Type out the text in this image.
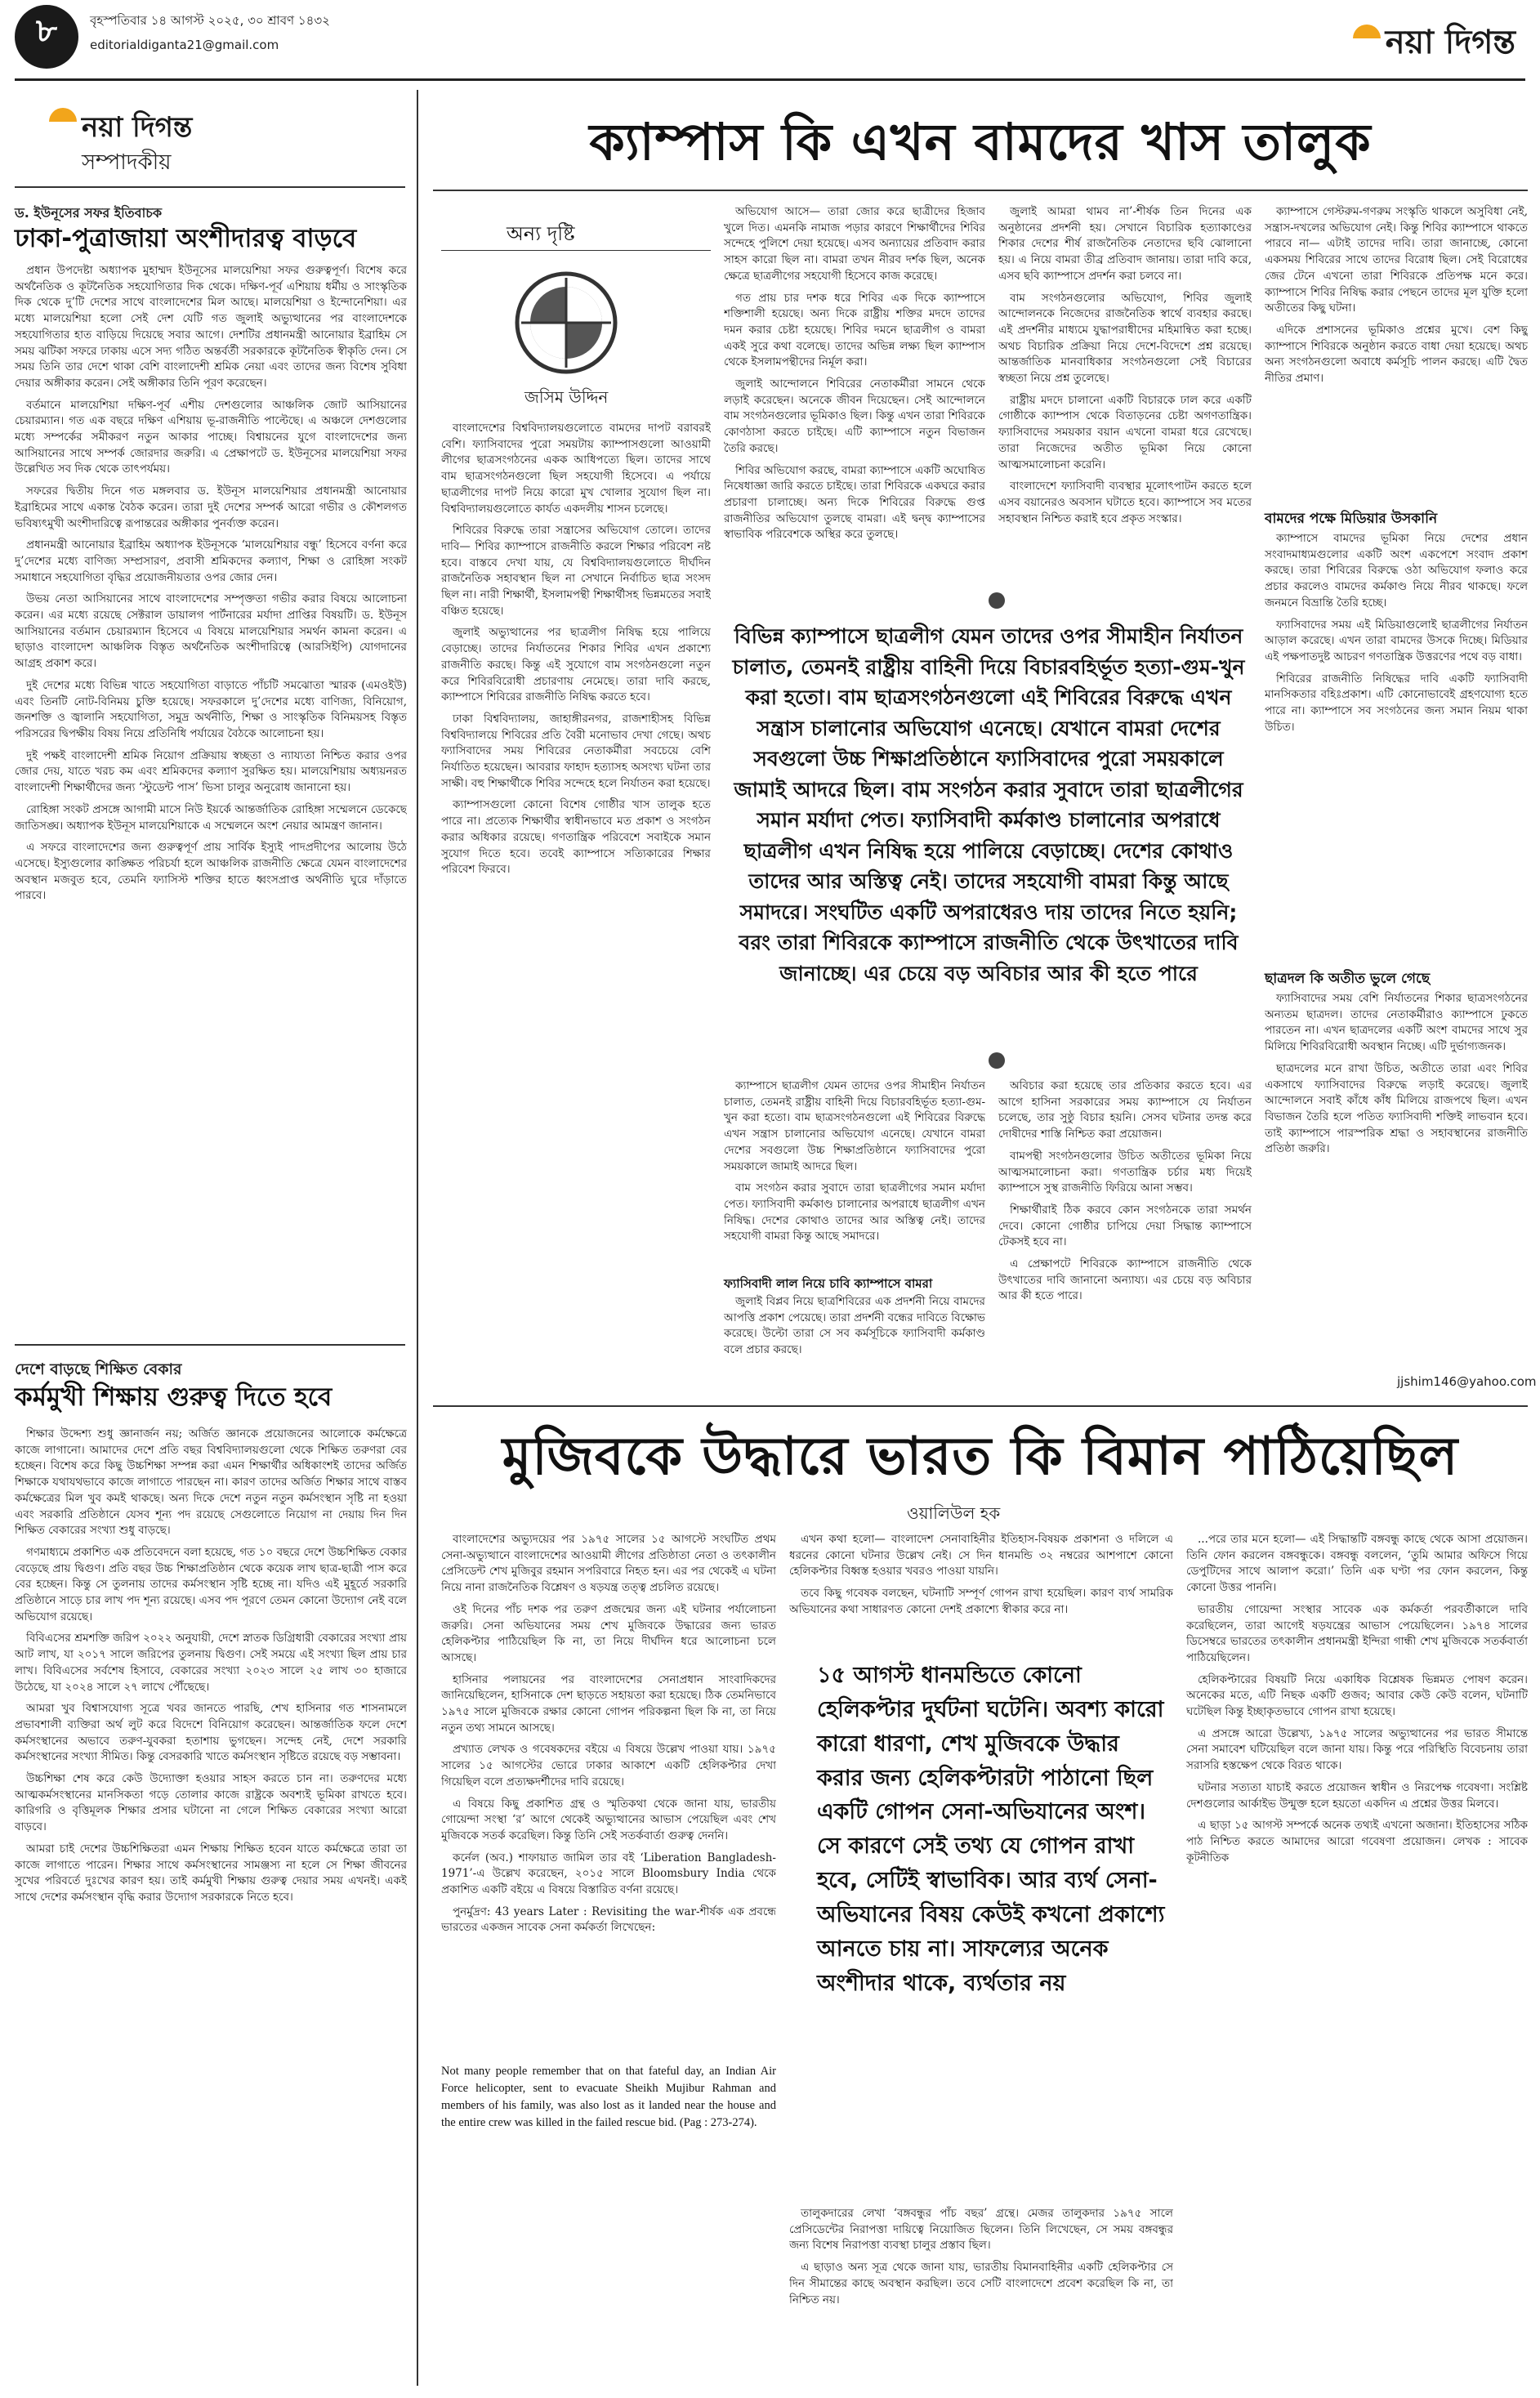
৮	বৃহস্পতিবার ১৪ আগস্ট ২০২৫, ৩০ শ্রাবণ ১৪৩২
editorialdiganta21@gmail.com	নয়া দিগন্ত
নয়া দিগন্ত
সম্পাদকীয়
ড. ইউনূসের সফর ইতিবাচক
ঢাকা-পুত্রাজায়া অংশীদারত্ব বাড়বে

প্রধান উপদেষ্টা অধ্যাপক মুহাম্মদ ইউনূসের মালয়েশিয়া সফর গুরুত্বপূর্ণ। বিশেষ করে অর্থনৈতিক ও কূটনৈতিক সহযোগিতার দিক থেকে। দক্ষিণ-পূর্ব এশিয়ায় ধর্মীয় ও সাংস্কৃতিক দিক থেকে দু’টি দেশের সাথে বাংলাদেশের মিল আছে। মালয়েশিয়া ও ইন্দোনেশিয়া। এর মধ্যে মালয়েশিয়া হলো সেই দেশ যেটি গত জুলাই অভ্যুত্থানের পর বাংলাদেশকে সহযোগিতার হাত বাড়িয়ে দিয়েছে সবার আগে। দেশটির প্রধানমন্ত্রী আনোয়ার ইব্রাহিম সে সময় ঝটিকা সফরে ঢাকায় এসে সদ্য গঠিত অন্তর্বর্তী সরকারকে কূটনৈতিক স্বীকৃতি দেন। সে সময় তিনি তার দেশে থাকা বেশি বাংলাদেশী শ্রমিক নেয়া এবং তাদের জন্য বিশেষ সুবিধা দেয়ার অঙ্গীকার করেন। সেই অঙ্গীকার তিনি পূরণ করেছেন।

বর্তমানে মালয়েশিয়া দক্ষিণ-পূর্ব এশীয় দেশগুলোর আঞ্চলিক জোট আসিয়ানের চেয়ারম্যান। গত এক বছরে দক্ষিণ এশিয়ায় ভূ-রাজনীতি পাল্টেছে। এ অঞ্চলে দেশগুলোর মধ্যে সম্পর্কের সমীকরণ নতুন আকার পাচ্ছে। বিশ্বায়নের যুগে বাংলাদেশের জন্য আসিয়ানের সাথে সম্পর্ক জোরদার জরুরি। এ প্রেক্ষাপটে ড. ইউনূসের মালয়েশিয়া সফর উল্লেখিত সব দিক থেকে তাৎপর্যময়।

সফরের দ্বিতীয় দিনে গত মঙ্গলবার ড. ইউনূস মালয়েশিয়ার প্রধানমন্ত্রী আনোয়ার ইব্রাহিমের সাথে একান্ত বৈঠক করেন। তারা দুই দেশের সম্পর্ক আরো গভীর ও কৌশলগত ভবিষ্যৎমুখী অংশীদারিত্বে রূপান্তরের অঙ্গীকার পুনর্ব্যক্ত করেন।

প্রধানমন্ত্রী আনোয়ার ইব্রাহিম অধ্যাপক ইউনূসকে ‘মালয়েশিয়ার বন্ধু’ হিসেবে বর্ণনা করে দু’দেশের মধ্যে বাণিজ্য সম্প্রসারণ, প্রবাসী শ্রমিকদের কল্যাণ, শিক্ষা ও রোহিঙ্গা সংকট সমাধানে সহযোগিতা বৃদ্ধির প্রয়োজনীয়তার ওপর জোর দেন।

উভয় নেতা আসিয়ানের সাথে বাংলাদেশের সম্পৃক্ততা গভীর করার বিষয়ে আলোচনা করেন। এর মধ্যে রয়েছে সেক্টরাল ডায়ালগ পার্টনারের মর্যাদা প্রাপ্তির বিষয়টি। ড. ইউনূস আসিয়ানের বর্তমান চেয়ারম্যান হিসেবে এ বিষয়ে মালয়েশিয়ার সমর্থন কামনা করেন। এ ছাড়াও বাংলাদেশ আঞ্চলিক বিস্তৃত অর্থনৈতিক অংশীদারিত্বে (আরসিইপি) যোগদানের আগ্রহ প্রকাশ করে।

দুই দেশের মধ্যে বিভিন্ন খাতে সহযোগিতা বাড়াতে পাঁচটি সমঝোতা স্মারক (এমওইউ) এবং তিনটি নোট-বিনিময় চুক্তি হয়েছে। সফরকালে দু’দেশের মধ্যে বাণিজ্য, বিনিয়োগ, জনশক্তি ও জ্বালানি সহযোগিতা, সমুদ্র অর্থনীতি, শিক্ষা ও সাংস্কৃতিক বিনিময়সহ বিস্তৃত পরিসরের দ্বিপক্ষীয় বিষয় নিয়ে প্রতিনিধি পর্যায়ের বৈঠকে আলোচনা হয়।

দুই পক্ষই বাংলাদেশী শ্রমিক নিয়োগ প্রক্রিয়ায় স্বচ্ছতা ও ন্যায্যতা নিশ্চিত করার ওপর জোর দেয়, যাতে খরচ কম এবং শ্রমিকদের কল্যাণ সুরক্ষিত হয়। মালয়েশিয়ায় অধ্যয়নরত বাংলাদেশী শিক্ষার্থীদের জন্য ‘স্টুডেন্ট পাস’ ভিসা চালুর অনুরোধ জানানো হয়।

রোহিঙ্গা সংকট প্রসঙ্গে আগামী মাসে নিউ ইয়র্কে আন্তর্জাতিক রোহিঙ্গা সম্মেলনে ডেকেছে জাতিসঙ্ঘ। অধ্যাপক ইউনূস মালয়েশিয়াকে এ সম্মেলনে অংশ নেয়ার আমন্ত্রণ জানান।

এ সফরে বাংলাদেশের জন্য গুরুত্বপূর্ণ প্রায় সার্বিক ইস্যুই পাদপ্রদীপের আলোয় উঠে এসেছে। ইস্যুগুলোর কাঙ্ক্ষিত পরিচর্যা হলে আঞ্চলিক রাজনীতি ক্ষেত্রে যেমন বাংলাদেশের অবস্থান মজবুত হবে, তেমনি ফ্যাসিস্ট শক্তির হাতে ধ্বংসপ্রাপ্ত অর্থনীতি ঘুরে দাঁড়াতে পারবে।

দেশে বাড়ছে শিক্ষিত বেকার
কর্মমুখী শিক্ষায় গুরুত্ব দিতে হবে

শিক্ষার উদ্দেশ্য শুধু জ্ঞানার্জন নয়; অর্জিত জ্ঞানকে প্রয়োজনের আলোকে কর্মক্ষেত্রে কাজে লাগানো। আমাদের দেশে প্রতি বছর বিশ্ববিদ্যালয়গুলো থেকে শিক্ষিত তরুণরা বের হচ্ছেন। বিশেষ করে কিছু উচ্চশিক্ষা সম্পন্ন করা এমন শিক্ষার্থীর অধিকাংশই তাদের অর্জিত শিক্ষাকে যথাযথভাবে কাজে লাগাতে পারছেন না। কারণ তাদের অর্জিত শিক্ষার সাথে বাস্তব কর্মক্ষেত্রের মিল খুব কমই থাকছে। অন্য দিকে দেশে নতুন নতুন কর্মসংস্থান সৃষ্টি না হওয়া এবং সরকারি প্রতিষ্ঠানে যেসব শূন্য পদ রয়েছে সেগুলোতে নিয়োগ না দেয়ায় দিন দিন শিক্ষিত বেকারের সংখ্যা শুধু বাড়ছে।

গণমাধ্যমে প্রকাশিত এক প্রতিবেদনে বলা হয়েছে, গত ১০ বছরে দেশে উচ্চশিক্ষিত বেকার বেড়েছে প্রায় দ্বিগুণ। প্রতি বছর উচ্চ শিক্ষাপ্রতিষ্ঠান থেকে কয়েক লাখ ছাত্র-ছাত্রী পাস করে বের হচ্ছেন। কিন্তু সে তুলনায় তাদের কর্মসংস্থান সৃষ্টি হচ্ছে না। যদিও এই মুহূর্তে সরকারি প্রতিষ্ঠানে সাড়ে চার লাখ পদ শূন্য রয়েছে। এসব পদ পূরণে তেমন কোনো উদ্যোগ নেই বলে অভিযোগ রয়েছে।

বিবিএসের শ্রমশক্তি জরিপ ২০২২ অনুযায়ী, দেশে স্নাতক ডিগ্রিধারী বেকারের সংখ্যা প্রায় আট লাখ, যা ২০১৭ সালে জরিপের তুলনায় দ্বিগুণ। সেই সময়ে এই সংখ্যা ছিল প্রায় চার লাখ। বিবিএসের সর্বশেষ হিসাবে, বেকারের সংখ্যা ২০২৩ সালে ২৫ লাখ ৩০ হাজারে উঠেছে, যা ২০২৪ সালে ২৭ লাখে পৌঁছেছে।

আমরা খুব বিশ্বাসযোগ্য সূত্রে খবর জানতে পারছি, শেখ হাসিনার গত শাসনামলে প্রভাবশালী ব্যক্তিরা অর্থ লুট করে বিদেশে বিনিয়োগ করেছেন। আন্তর্জাতিক ফলে দেশে কর্মসংস্থানের অভাবে তরুণ-যুবকরা হতাশায় ভুগছেন। সন্দেহ নেই, দেশে সরকারি কর্মসংস্থানের সংখ্যা সীমিত। কিন্তু বেসরকারি খাতে কর্মসংস্থান সৃষ্টিতে রয়েছে বড় সম্ভাবনা।

উচ্চশিক্ষা শেষ করে কেউ উদ্যোক্তা হওয়ার সাহস করতে চান না। তরুণদের মধ্যে আত্মকর্মসংস্থানের মানসিকতা গড়ে তোলার কাজে রাষ্ট্রকে অবশ্যই ভূমিকা রাখতে হবে। কারিগরি ও বৃত্তিমূলক শিক্ষার প্রসার ঘটানো না গেলে শিক্ষিত বেকারের সংখ্যা আরো বাড়বে।

আমরা চাই দেশের উচ্চশিক্ষিতরা এমন শিক্ষায় শিক্ষিত হবেন যাতে কর্মক্ষেত্রে তারা তা কাজে লাগাতে পারেন। শিক্ষার সাথে কর্মসংস্থানের সামঞ্জস্য না হলে সে শিক্ষা জীবনের সুখের পরিবর্তে দুঃখের কারণ হয়। তাই কর্মমুখী শিক্ষায় গুরুত্ব দেয়ার সময় এখনই। একই সাথে দেশের কর্মসংস্থান বৃদ্ধি করার উদ্যোগ সরকারকে নিতে হবে।

ক্যাম্পাস কি এখন বামদের খাস তালুক
অন্য দৃষ্টি
জসিম উদ্দিন

বাংলাদেশের বিশ্ববিদ্যালয়গুলোতে বামদের দাপট বরাবরই বেশি। ফ্যাসিবাদের পুরো সময়টায় ক্যাম্পাসগুলো আওয়ামী লীগের ছাত্রসংগঠনের একক আধিপত্যে ছিল। তাদের সাথে বাম ছাত্রসংগঠনগুলো ছিল সহযোগী হিসেবে। এ পর্যায়ে ছাত্রলীগের দাপট নিয়ে কারো মুখ খোলার সুযোগ ছিল না। বিশ্ববিদ্যালয়গুলোতে কার্যত একদলীয় শাসন চলেছে।

শিবিরের বিরুদ্ধে তারা সন্ত্রাসের অভিযোগ তোলে। তাদের দাবি— শিবির ক্যাম্পাসে রাজনীতি করলে শিক্ষার পরিবেশ নষ্ট হবে। বাস্তবে দেখা যায়, যে বিশ্ববিদ্যালয়গুলোতে দীর্ঘদিন রাজনৈতিক সহাবস্থান ছিল না সেখানে নির্বাচিত ছাত্র সংসদ ছিল না। নারী শিক্ষার্থী, ইসলামপন্থী শিক্ষার্থীসহ ভিন্নমতের সবাই বঞ্চিত হয়েছে।

জুলাই অভ্যুত্থানের পর ছাত্রলীগ নিষিদ্ধ হয়ে পালিয়ে বেড়াচ্ছে। তাদের নির্যাতনের শিকার শিবির এখন প্রকাশ্যে রাজনীতি করছে। কিন্তু এই সুযোগে বাম সংগঠনগুলো নতুন করে শিবিরবিরোধী প্রচারণায় নেমেছে। তারা দাবি করছে, ক্যাম্পাসে শিবিরের রাজনীতি নিষিদ্ধ করতে হবে।

ঢাকা বিশ্ববিদ্যালয়, জাহাঙ্গীরনগর, রাজশাহীসহ বিভিন্ন বিশ্ববিদ্যালয়ে শিবিরের প্রতি বৈরী মনোভাব দেখা গেছে। অথচ ফ্যাসিবাদের সময় শিবিরের নেতাকর্মীরা সবচেয়ে বেশি নির্যাতিত হয়েছেন। আবরার ফাহাদ হত্যাসহ অসংখ্য ঘটনা তার সাক্ষী। বহু শিক্ষার্থীকে শিবির সন্দেহে হলে নির্যাতন করা হয়েছে।

ক্যাম্পাসগুলো কোনো বিশেষ গোষ্ঠীর খাস তালুক হতে পারে না। প্রত্যেক শিক্ষার্থীর স্বাধীনভাবে মত প্রকাশ ও সংগঠন করার অধিকার রয়েছে। গণতান্ত্রিক পরিবেশে সবাইকে সমান সুযোগ দিতে হবে। তবেই ক্যাম্পাসে সত্যিকারের শিক্ষার পরিবেশ ফিরবে।

অভিযোগ আসে— তারা জোর করে ছাত্রীদের হিজাব খুলে দিত। এমনকি নামাজ পড়ার কারণে শিক্ষার্থীদের শিবির সন্দেহে পুলিশে দেয়া হয়েছে। এসব অন্যায়ের প্রতিবাদ করার সাহস কারো ছিল না। বামরা তখন নীরব দর্শক ছিল, অনেক ক্ষেত্রে ছাত্রলীগের সহযোগী হিসেবে কাজ করেছে।

গত প্রায় চার দশক ধরে শিবির এক দিকে ক্যাম্পাসে শক্তিশালী হয়েছে। অন্য দিকে রাষ্ট্রীয় শক্তির মদদে তাদের দমন করার চেষ্টা হয়েছে। শিবির দমনে ছাত্রলীগ ও বামরা একই সুরে কথা বলেছে। তাদের অভিন্ন লক্ষ্য ছিল ক্যাম্পাস থেকে ইসলামপন্থীদের নির্মূল করা।

জুলাই আন্দোলনে শিবিরের নেতাকর্মীরা সামনে থেকে লড়াই করেছেন। অনেকে জীবন দিয়েছেন। সেই আন্দোলনে বাম সংগঠনগুলোর ভূমিকাও ছিল। কিন্তু এখন তারা শিবিরকে কোণঠাসা করতে চাইছে। এটি ক্যাম্পাসে নতুন বিভাজন তৈরি করছে।

শিবির অভিযোগ করছে, বামরা ক্যাম্পাসে একটি অঘোষিত নিষেধাজ্ঞা জারি করতে চাইছে। তারা শিবিরকে একঘরে করার প্রচারণা চালাচ্ছে। অন্য দিকে শিবিরের বিরুদ্ধে গুপ্ত রাজনীতির অভিযোগ তুলছে বামরা। এই দ্বন্দ্ব ক্যাম্পাসের স্বাভাবিক পরিবেশকে অস্থির করে তুলছে।

জুলাই আমরা থামব না’-শীর্ষক তিন দিনের এক অনুষ্ঠানের প্রদর্শনী হয়। সেখানে বিচারিক হত্যাকাণ্ডের শিকার দেশের শীর্ষ রাজনৈতিক নেতাদের ছবি ঝোলানো হয়। এ নিয়ে বামরা তীব্র প্রতিবাদ জানায়। তারা দাবি করে, এসব ছবি ক্যাম্পাসে প্রদর্শন করা চলবে না।

বাম সংগঠনগুলোর অভিযোগ, শিবির জুলাই আন্দোলনকে নিজেদের রাজনৈতিক স্বার্থে ব্যবহার করছে। এই প্রদর্শনীর মাধ্যমে যুদ্ধাপরাধীদের মহিমান্বিত করা হচ্ছে। অথচ বিচারিক প্রক্রিয়া নিয়ে দেশে-বিদেশে প্রশ্ন রয়েছে। আন্তর্জাতিক মানবাধিকার সংগঠনগুলো সেই বিচারের স্বচ্ছতা নিয়ে প্রশ্ন তুলেছে।

রাষ্ট্রীয় মদদে চালানো একটি বিচারকে ঢাল করে একটি গোষ্ঠীকে ক্যাম্পাস থেকে বিতাড়নের চেষ্টা অগণতান্ত্রিক। ফ্যাসিবাদের সময়কার বয়ান এখনো বামরা ধরে রেখেছে। তারা নিজেদের অতীত ভূমিকা নিয়ে কোনো আত্মসমালোচনা করেনি।

বাংলাদেশে ফ্যাসিবাদী ব্যবস্থার মূলোৎপাটন করতে হলে এসব বয়ানেরও অবসান ঘটাতে হবে। ক্যাম্পাসে সব মতের সহাবস্থান নিশ্চিত করাই হবে প্রকৃত সংস্কার।

বিভিন্ন ক্যাম্পাসে ছাত্রলীগ যেমন তাদের ওপর সীমাহীন নির্যাতন চালাত, তেমনই রাষ্ট্রীয় বাহিনী দিয়ে বিচারবহির্ভূত হত্যা-গুম-খুন করা হতো। বাম ছাত্রসংগঠনগুলো এই শিবিরের বিরুদ্ধে এখন সন্ত্রাস চালানোর অভিযোগ এনেছে। যেখানে বামরা দেশের সবগুলো উচ্চ শিক্ষাপ্রতিষ্ঠানে ফ্যাসিবাদের পুরো সময়কালে জামাই আদরে ছিল। বাম সংগঠন করার সুবাদে তারা ছাত্রলীগের সমান মর্যাদা পেত। ফ্যাসিবাদী কর্মকাণ্ড চালানোর অপরাধে ছাত্রলীগ এখন নিষিদ্ধ হয়ে পালিয়ে বেড়াচ্ছে। দেশের কোথাও তাদের আর অস্তিত্ব নেই। তাদের সহযোগী বামরা কিন্তু আছে সমাদরে। সংঘটিত একটি অপরাধেরও দায় তাদের নিতে হয়নি; বরং তারা শিবিরকে ক্যাম্পাসে রাজনীতি থেকে উৎখাতের দাবি জানাচ্ছে। এর চেয়ে বড় অবিচার আর কী হতে পারে

ক্যাম্পাসে ছাত্রলীগ যেমন তাদের ওপর সীমাহীন নির্যাতন চালাত, তেমনই রাষ্ট্রীয় বাহিনী দিয়ে বিচারবহির্ভূত হত্যা-গুম-খুন করা হতো। বাম ছাত্রসংগঠনগুলো এই শিবিরের বিরুদ্ধে এখন সন্ত্রাস চালানোর অভিযোগ এনেছে। যেখানে বামরা দেশের সবগুলো উচ্চ শিক্ষাপ্রতিষ্ঠানে ফ্যাসিবাদের পুরো সময়কালে জামাই আদরে ছিল।

বাম সংগঠন করার সুবাদে তারা ছাত্রলীগের সমান মর্যাদা পেত। ফ্যাসিবাদী কর্মকাণ্ড চালানোর অপরাধে ছাত্রলীগ এখন নিষিদ্ধ। দেশের কোথাও তাদের আর অস্তিত্ব নেই। তাদের সহযোগী বামরা কিন্তু আছে সমাদরে।

ফ্যাসিবাদী লাল নিয়ে চাবি ক্যাম্পাসে বামরা

জুলাই বিপ্লব নিয়ে ছাত্রশিবিরের এক প্রদর্শনী নিয়ে বামদের আপত্তি প্রকাশ পেয়েছে। তারা প্রদর্শনী বন্ধের দাবিতে বিক্ষোভ করেছে। উল্টো তারা সে সব কর্মসূচিকে ফ্যাসিবাদী কর্মকাণ্ড বলে প্রচার করছে।

অবিচার করা হয়েছে তার প্রতিকার করতে হবে। এর আগে হাসিনা সরকারের সময় ক্যাম্পাসে যে নির্যাতন চলেছে, তার সুষ্ঠু বিচার হয়নি। সেসব ঘটনার তদন্ত করে দোষীদের শাস্তি নিশ্চিত করা প্রয়োজন।

বামপন্থী সংগঠনগুলোর উচিত অতীতের ভূমিকা নিয়ে আত্মসমালোচনা করা। গণতান্ত্রিক চর্চার মধ্য দিয়েই ক্যাম্পাসে সুস্থ রাজনীতি ফিরিয়ে আনা সম্ভব।

শিক্ষার্থীরাই ঠিক করবে কোন সংগঠনকে তারা সমর্থন দেবে। কোনো গোষ্ঠীর চাপিয়ে দেয়া সিদ্ধান্ত ক্যাম্পাসে টেকসই হবে না।

এ প্রেক্ষাপটে শিবিরকে ক্যাম্পাসে রাজনীতি থেকে উৎখাতের দাবি জানানো অন্যায্য। এর চেয়ে বড় অবিচার আর কী হতে পারে।

ক্যাম্পাসে গেস্টরুম-গণরুম সংস্কৃতি থাকলে অসুবিধা নেই, সন্ত্রাস-দখলের অভিযোগ নেই। কিন্তু শিবির ক্যাম্পাসে থাকতে পারবে না— এটাই তাদের দাবি। তারা জানাচ্ছে, কোনো একসময় শিবিরের সাথে তাদের বিরোধ ছিল। সেই বিরোধের জের টেনে এখনো তারা শিবিরকে প্রতিপক্ষ মনে করে। ক্যাম্পাসে শিবির নিষিদ্ধ করার পেছনে তাদের মূল যুক্তি হলো অতীতের কিছু ঘটনা।

এদিকে প্রশাসনের ভূমিকাও প্রশ্নের মুখে। বেশ কিছু ক্যাম্পাসে শিবিরকে অনুষ্ঠান করতে বাধা দেয়া হয়েছে। অথচ অন্য সংগঠনগুলো অবাধে কর্মসূচি পালন করছে। এটি দ্বৈত নীতির প্রমাণ।

বামদের পক্ষে মিডিয়ার উসকানি

ক্যাম্পাসে বামদের ভূমিকা নিয়ে দেশের প্রধান সংবাদমাধ্যমগুলোর একটি অংশ একপেশে সংবাদ প্রকাশ করছে। তারা শিবিরের বিরুদ্ধে ওঠা অভিযোগ ফলাও করে প্রচার করলেও বামদের কর্মকাণ্ড নিয়ে নীরব থাকছে। ফলে জনমনে বিভ্রান্তি তৈরি হচ্ছে।

ফ্যাসিবাদের সময় এই মিডিয়াগুলোই ছাত্রলীগের নির্যাতন আড়াল করেছে। এখন তারা বামদের উসকে দিচ্ছে। মিডিয়ার এই পক্ষপাতদুষ্ট আচরণ গণতান্ত্রিক উত্তরণের পথে বড় বাধা।

শিবিরের রাজনীতি নিষিদ্ধের দাবি একটি ফ্যাসিবাদী মানসিকতার বহিঃপ্রকাশ। এটি কোনোভাবেই গ্রহণযোগ্য হতে পারে না। ক্যাম্পাসে সব সংগঠনের জন্য সমান নিয়ম থাকা উচিত।

ছাত্রদল কি অতীত ভুলে গেছে

ফ্যাসিবাদের সময় বেশি নির্যাতনের শিকার ছাত্রসংগঠনের অন্যতম ছাত্রদল। তাদের নেতাকর্মীরাও ক্যাম্পাসে ঢুকতে পারতেন না। এখন ছাত্রদলের একটি অংশ বামদের সাথে সুর মিলিয়ে শিবিরবিরোধী অবস্থান নিচ্ছে। এটি দুর্ভাগ্যজনক।

ছাত্রদলের মনে রাখা উচিত, অতীতে তারা এবং শিবির একসাথে ফ্যাসিবাদের বিরুদ্ধে লড়াই করেছে। জুলাই আন্দোলনে সবাই কাঁধে কাঁধ মিলিয়ে রাজপথে ছিল। এখন বিভাজন তৈরি হলে পতিত ফ্যাসিবাদী শক্তিই লাভবান হবে। তাই ক্যাম্পাসে পারস্পরিক শ্রদ্ধা ও সহাবস্থানের রাজনীতি প্রতিষ্ঠা জরুরি।

jjshim146@yahoo.com
মুজিবকে উদ্ধারে ভারত কি বিমান পাঠিয়েছিল
ওয়ালিউল হক

বাংলাদেশের অভ্যুদয়ের পর ১৯৭৫ সালের ১৫ আগস্টে সংঘটিত প্রথম সেনা-অভ্যুত্থানে বাংলাদেশের আওয়ামী লীগের প্রতিষ্ঠাতা নেতা ও তৎকালীন প্রেসিডেন্ট শেখ মুজিবুর রহমান সপরিবারে নিহত হন। এর পর থেকেই এ ঘটনা নিয়ে নানা রাজনৈতিক বিশ্লেষণ ও ষড়যন্ত্র তত্ত্ব প্রচলিত রয়েছে।

ওই দিনের পাঁচ দশক পর তরুণ প্রজন্মের জন্য এই ঘটনার পর্যালোচনা জরুরি। সেনা অভিযানের সময় শেখ মুজিবকে উদ্ধারের জন্য ভারত হেলিকপ্টার পাঠিয়েছিল কি না, তা নিয়ে দীর্ঘদিন ধরে আলোচনা চলে আসছে।

হাসিনার পলায়নের পর বাংলাদেশের সেনাপ্রধান সাংবাদিকদের জানিয়েছিলেন, হাসিনাকে দেশ ছাড়তে সহায়তা করা হয়েছে। ঠিক তেমনিভাবে ১৯৭৫ সালে মুজিবকে রক্ষার কোনো গোপন পরিকল্পনা ছিল কি না, তা নিয়ে নতুন তথ্য সামনে আসছে।

প্রখ্যাত লেখক ও গবেষকদের বইয়ে এ বিষয়ে উল্লেখ পাওয়া যায়। ১৯৭৫ সালের ১৫ আগস্টের ভোরে ঢাকার আকাশে একটি হেলিকপ্টার দেখা গিয়েছিল বলে প্রত্যক্ষদর্শীদের দাবি রয়েছে।

এ বিষয়ে কিছু প্রকাশিত গ্রন্থ ও স্মৃতিকথা থেকে জানা যায়, ভারতীয় গোয়েন্দা সংস্থা ‘র’ আগে থেকেই অভ্যুত্থানের আভাস পেয়েছিল এবং শেখ মুজিবকে সতর্ক করেছিল। কিন্তু তিনি সেই সতর্কবার্তা গুরুত্ব দেননি।

কর্নেল (অব.) শাফায়াত জামিল তার বই ‘Liberation Bangladesh-1971’-এ উল্লেখ করেছেন, ২০১৫ সালে Bloomsbury India থেকে প্রকাশিত একটি বইয়ে এ বিষয়ে বিস্তারিত বর্ণনা রয়েছে।

পুনর্মুদ্রণ: 43 years Later : Revisiting the war-শীর্ষক এক প্রবন্ধে ভারতের একজন সাবেক সেনা কর্মকর্তা লিখেছেন:

Not many people remember that on that fateful day, an Indian Air Force helicopter, sent to evacuate Sheikh Mujibur Rahman and members of his family, was also lost as it landed near the house and the entire crew was killed in the failed rescue bid. (Pag : 273-274).

এখন কথা হলো— বাংলাদেশ সেনাবাহিনীর ইতিহাস-বিষয়ক প্রকাশনা ও দলিলে এ ধরনের কোনো ঘটনার উল্লেখ নেই। সে দিন ধানমন্ডি ৩২ নম্বরের আশপাশে কোনো হেলিকপ্টার বিধ্বস্ত হওয়ার খবরও পাওয়া যায়নি।

তবে কিছু গবেষক বলছেন, ঘটনাটি সম্পূর্ণ গোপন রাখা হয়েছিল। কারণ ব্যর্থ সামরিক অভিযানের কথা সাধারণত কোনো দেশই প্রকাশ্যে স্বীকার করে না।

১৫ আগস্ট ধানমন্ডিতে কোনো হেলিকপ্টার দুর্ঘটনা ঘটেনি। অবশ্য কারো কারো ধারণা, শেখ মুজিবকে উদ্ধার করার জন্য হেলিকপ্টারটা পাঠানো ছিল একটি গোপন সেনা-অভিযানের অংশ। সে কারণে সেই তথ্য যে গোপন রাখা হবে, সেটিই স্বাভাবিক। আর ব্যর্থ সেনা-অভিযানের বিষয় কেউই কখনো প্রকাশ্যে আনতে চায় না। সাফল্যের অনেক অংশীদার থাকে, ব্যর্থতার নয়

তালুকদারের লেখা ‘বঙ্গবন্ধুর পাঁচ বছর’ গ্রন্থে। মেজর তালুকদার ১৯৭৫ সালে প্রেসিডেন্টের নিরাপত্তা দায়িত্বে নিয়োজিত ছিলেন। তিনি লিখেছেন, সে সময় বঙ্গবন্ধুর জন্য বিশেষ নিরাপত্তা ব্যবস্থা চালুর প্রস্তাব ছিল।

এ ছাড়াও অন্য সূত্র থেকে জানা যায়, ভারতীয় বিমানবাহিনীর একটি হেলিকপ্টার সে দিন সীমান্তের কাছে অবস্থান করছিল। তবে সেটি বাংলাদেশে প্রবেশ করেছিল কি না, তা নিশ্চিত নয়।

...পরে তার মনে হলো— এই সিদ্ধান্তটি বঙ্গবন্ধু কাছে থেকে আসা প্রয়োজন। তিনি ফোন করলেন বঙ্গবন্ধুকে। বঙ্গবন্ধু বললেন, ‘তুমি আমার অফিসে গিয়ে ডেপুটিদের সাথে আলাপ করো।’ তিনি এক ঘণ্টা পর ফোন করলেন, কিন্তু কোনো উত্তর পাননি।

ভারতীয় গোয়েন্দা সংস্থার সাবেক এক কর্মকর্তা পরবর্তীকালে দাবি করেছিলেন, তারা আগেই ষড়যন্ত্রের আভাস পেয়েছিলেন। ১৯৭৪ সালের ডিসেম্বরে ভারতের তৎকালীন প্রধানমন্ত্রী ইন্দিরা গান্ধী শেখ মুজিবকে সতর্কবার্তা পাঠিয়েছিলেন।

হেলিকপ্টারের বিষয়টি নিয়ে একাধিক বিশ্লেষক ভিন্নমত পোষণ করেন। অনেকের মতে, এটি নিছক একটি গুজব; আবার কেউ কেউ বলেন, ঘটনাটি ঘটেছিল কিন্তু ইচ্ছাকৃতভাবে গোপন রাখা হয়েছে।

এ প্রসঙ্গে আরো উল্লেখ্য, ১৯৭৫ সালের অভ্যুত্থানের পর ভারত সীমান্তে সেনা সমাবেশ ঘটিয়েছিল বলে জানা যায়। কিন্তু পরে পরিস্থিতি বিবেচনায় তারা সরাসরি হস্তক্ষেপ থেকে বিরত থাকে।

ঘটনার সত্যতা যাচাই করতে প্রয়োজন স্বাধীন ও নিরপেক্ষ গবেষণা। সংশ্লিষ্ট দেশগুলোর আর্কাইভ উন্মুক্ত হলে হয়তো একদিন এ প্রশ্নের উত্তর মিলবে।

এ ছাড়া ১৫ আগস্ট সম্পর্কে অনেক তথ্যই এখনো অজানা। ইতিহাসের সঠিক পাঠ নিশ্চিত করতে আমাদের আরো গবেষণা প্রয়োজন। লেখক : সাবেক কূটনীতিক
